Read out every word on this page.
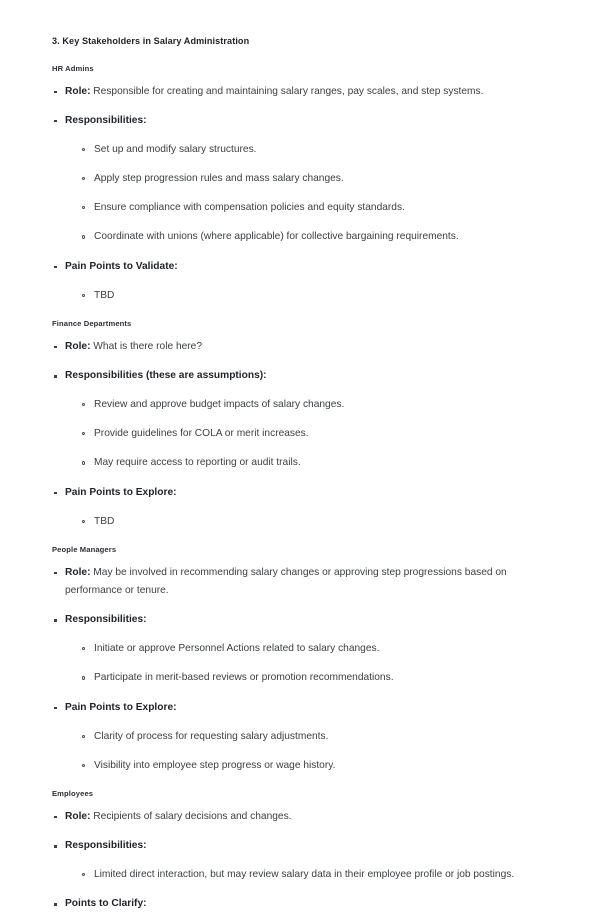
3. Key Stakeholders in Salary Administration
HR Admins
Role: Responsible for creating and maintaining salary ranges, pay scales, and step systems.
Responsibilities:
Set up and modify salary structures.
Apply step progression rules and mass salary changes.
Ensure compliance with compensation policies and equity standards.
Coordinate with unions (where applicable) for collective bargaining requirements.
Pain Points to Validate:
TBD
Finance Departments
Role: What is there role here?
Responsibilities (these are assumptions):
Review and approve budget impacts of salary changes.
Provide guidelines for COLA or merit increases.
May require access to reporting or audit trails.
Pain Points to Explore:
TBD
People Managers
Role: May be involved in recommending salary changes or approving step progressions based on performance or tenure.
Responsibilities:
Initiate or approve Personnel Actions related to salary changes.
Participate in merit-based reviews or promotion recommendations.
Pain Points to Explore:
Clarity of process for requesting salary adjustments.
Visibility into employee step progress or wage history.
Employees
Role: Recipients of salary decisions and changes.
Responsibilities:
Limited direct interaction, but may review salary data in their employee profile or job postings.
Points to Clarify:
